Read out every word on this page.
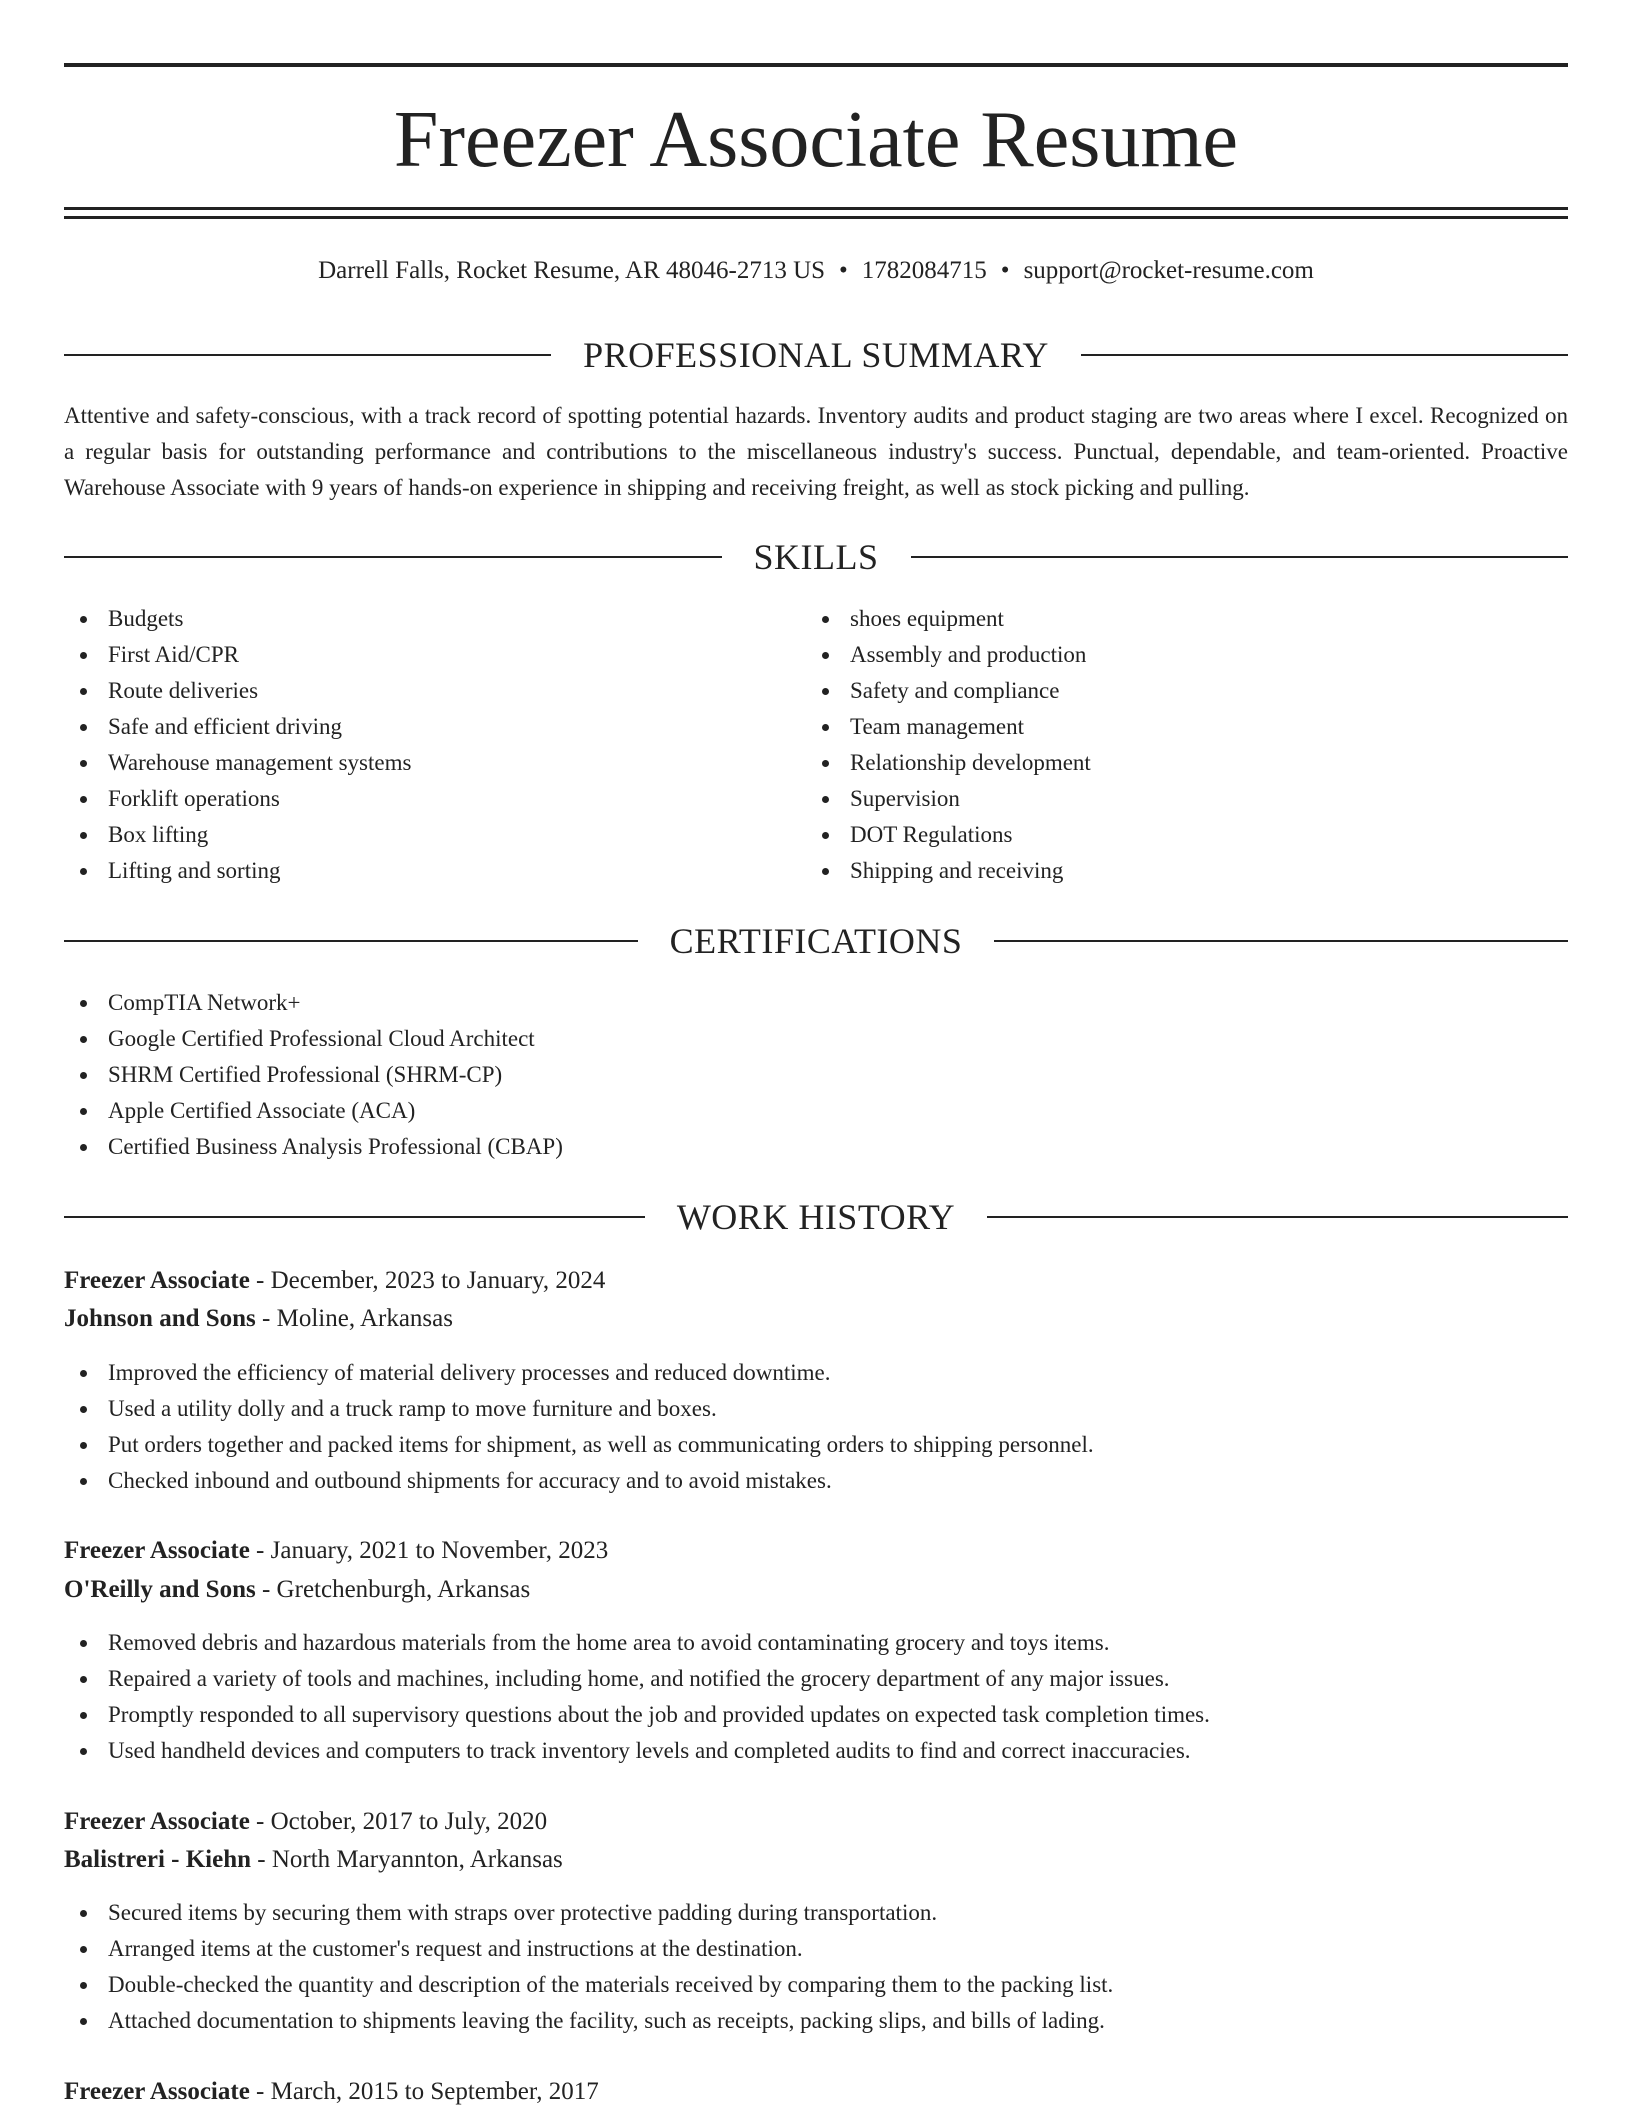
Freezer Associate Resume
Darrell Falls, Rocket Resume, AR 48046-2713 US • 1782084715 • support@rocket-resume.com
PROFESSIONAL SUMMARY

Attentive and safety-conscious, with a track record of spotting potential hazards. Inventory audits and product staging are two areas where I excel. Recognized on a regular basis for outstanding performance and contributions to the miscellaneous industry's success. Punctual, dependable, and team-oriented. Proactive Warehouse Associate with 9 years of hands-on experience in shipping and receiving freight, as well as stock picking and pulling.

SKILLS
Budgets
First Aid/CPR
Route deliveries
Safe and efficient driving
Warehouse management systems
Forklift operations
Box lifting
Lifting and sorting
shoes equipment
Assembly and production
Safety and compliance
Team management
Relationship development
Supervision
DOT Regulations
Shipping and receiving
CERTIFICATIONS
CompTIA Network+
Google Certified Professional Cloud Architect
SHRM Certified Professional (SHRM-CP)
Apple Certified Associate (ACA)
Certified Business Analysis Professional (CBAP)
WORK HISTORY
Freezer Associate - December, 2023 to January, 2024
Johnson and Sons - Moline, Arkansas
Improved the efficiency of material delivery processes and reduced downtime.
Used a utility dolly and a truck ramp to move furniture and boxes.
Put orders together and packed items for shipment, as well as communicating orders to shipping personnel.
Checked inbound and outbound shipments for accuracy and to avoid mistakes.
Freezer Associate - January, 2021 to November, 2023
O'Reilly and Sons - Gretchenburgh, Arkansas
Removed debris and hazardous materials from the home area to avoid contaminating grocery and toys items.
Repaired a variety of tools and machines, including home, and notified the grocery department of any major issues.
Promptly responded to all supervisory questions about the job and provided updates on expected task completion times.
Used handheld devices and computers to track inventory levels and completed audits to find and correct inaccuracies.
Freezer Associate - October, 2017 to July, 2020
Balistreri - Kiehn - North Maryannton, Arkansas
Secured items by securing them with straps over protective padding during transportation.
Arranged items at the customer's request and instructions at the destination.
Double-checked the quantity and description of the materials received by comparing them to the packing list.
Attached documentation to shipments leaving the facility, such as receipts, packing slips, and bills of lading.
Freezer Associate - March, 2015 to September, 2017
